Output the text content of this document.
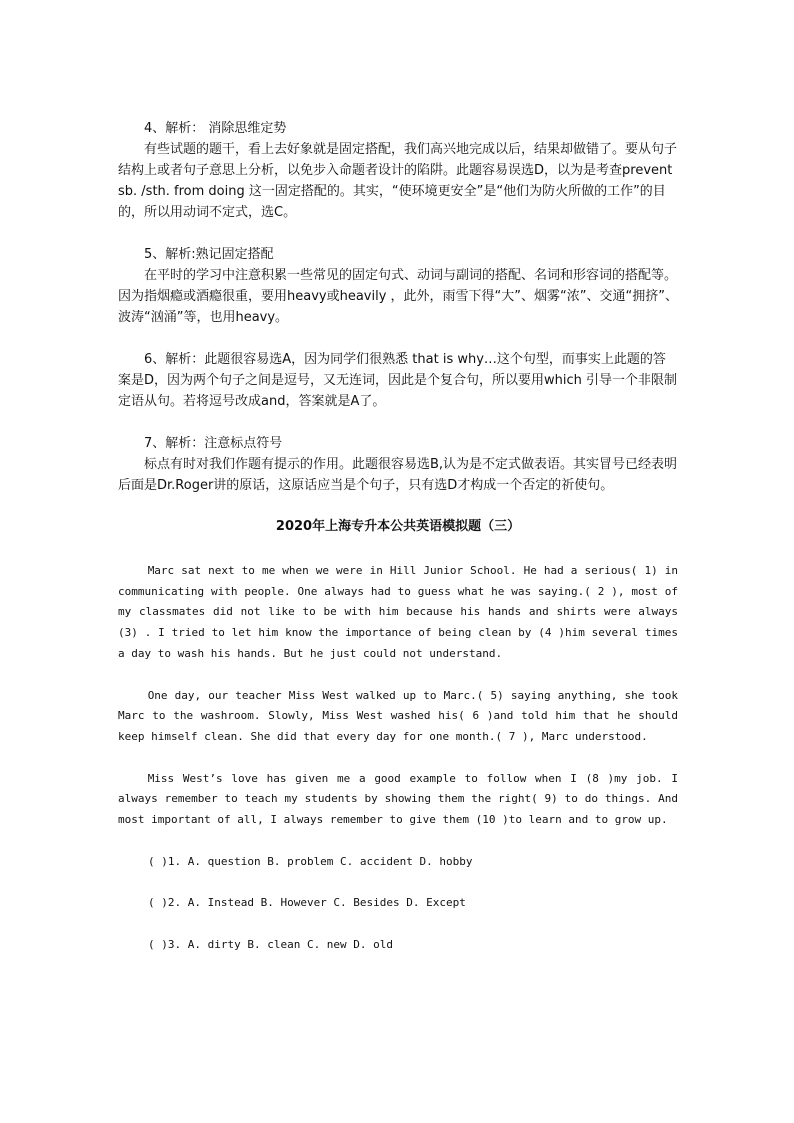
4、解析： 消除思维定势
有些试题的题干，看上去好象就是固定搭配，我们高兴地完成以后，结果却做错了。要从句子结构上或者句子意思上分析，以免步入命题者设计的陷阱。此题容易误选D，以为是考查prevent sb. /sth. from doing 这一固定搭配的。其实，“使环境更安全”是“他们为防火所做的工作”的目的，所以用动词不定式，选C。
5、解析:熟记固定搭配
在平时的学习中注意积累一些常见的固定句式、动词与副词的搭配、名词和形容词的搭配等。因为指烟瘾或酒瘾很重，要用heavy或heavily ，此外，雨雪下得“大”、烟雾“浓”、交通“拥挤”、波涛“汹涌”等，也用heavy。
6、解析：此题很容易选A，因为同学们很熟悉 that is why…这个句型，而事实上此题的答案是D，因为两个句子之间是逗号，又无连词，因此是个复合句，所以要用which 引导一个非限制定语从句。若将逗号改成and，答案就是A了。
7、解析：注意标点符号
标点有时对我们作题有提示的作用。此题很容易选B,认为是不定式做表语。其实冒号已经表明后面是Dr.Roger讲的原话，这原话应当是个句子，只有选D才构成一个否定的祈使句。
2020年上海专升本公共英语模拟题（三）
Marc sat next to me when we were in Hill Junior School. He had a serious( 1) in communicating with people. One always had to guess what he was saying.( 2 ), most of my classmates did not like to be with him because his hands and shirts were always (3) . I tried to let him know the importance of being clean by (4 )him several times a day to wash his hands. But he just could not understand.
One day, our teacher Miss West walked up to Marc.( 5) saying anything, she took Marc to the washroom. Slowly, Miss West washed his( 6 )and told him that he should keep himself clean. She did that every day for one month.( 7 ), Marc understood.
Miss West’s love has given me a good example to follow when I (8 )my job. I always remember to teach my students by showing them the right( 9) to do things. And most important of all, I always remember to give them (10 )to learn and to grow up.
( )1. A. question B. problem C. accident D. hobby
( )2. A. Instead B. However C. Besides D. Except
( )3. A. dirty B. clean C. new D. old
